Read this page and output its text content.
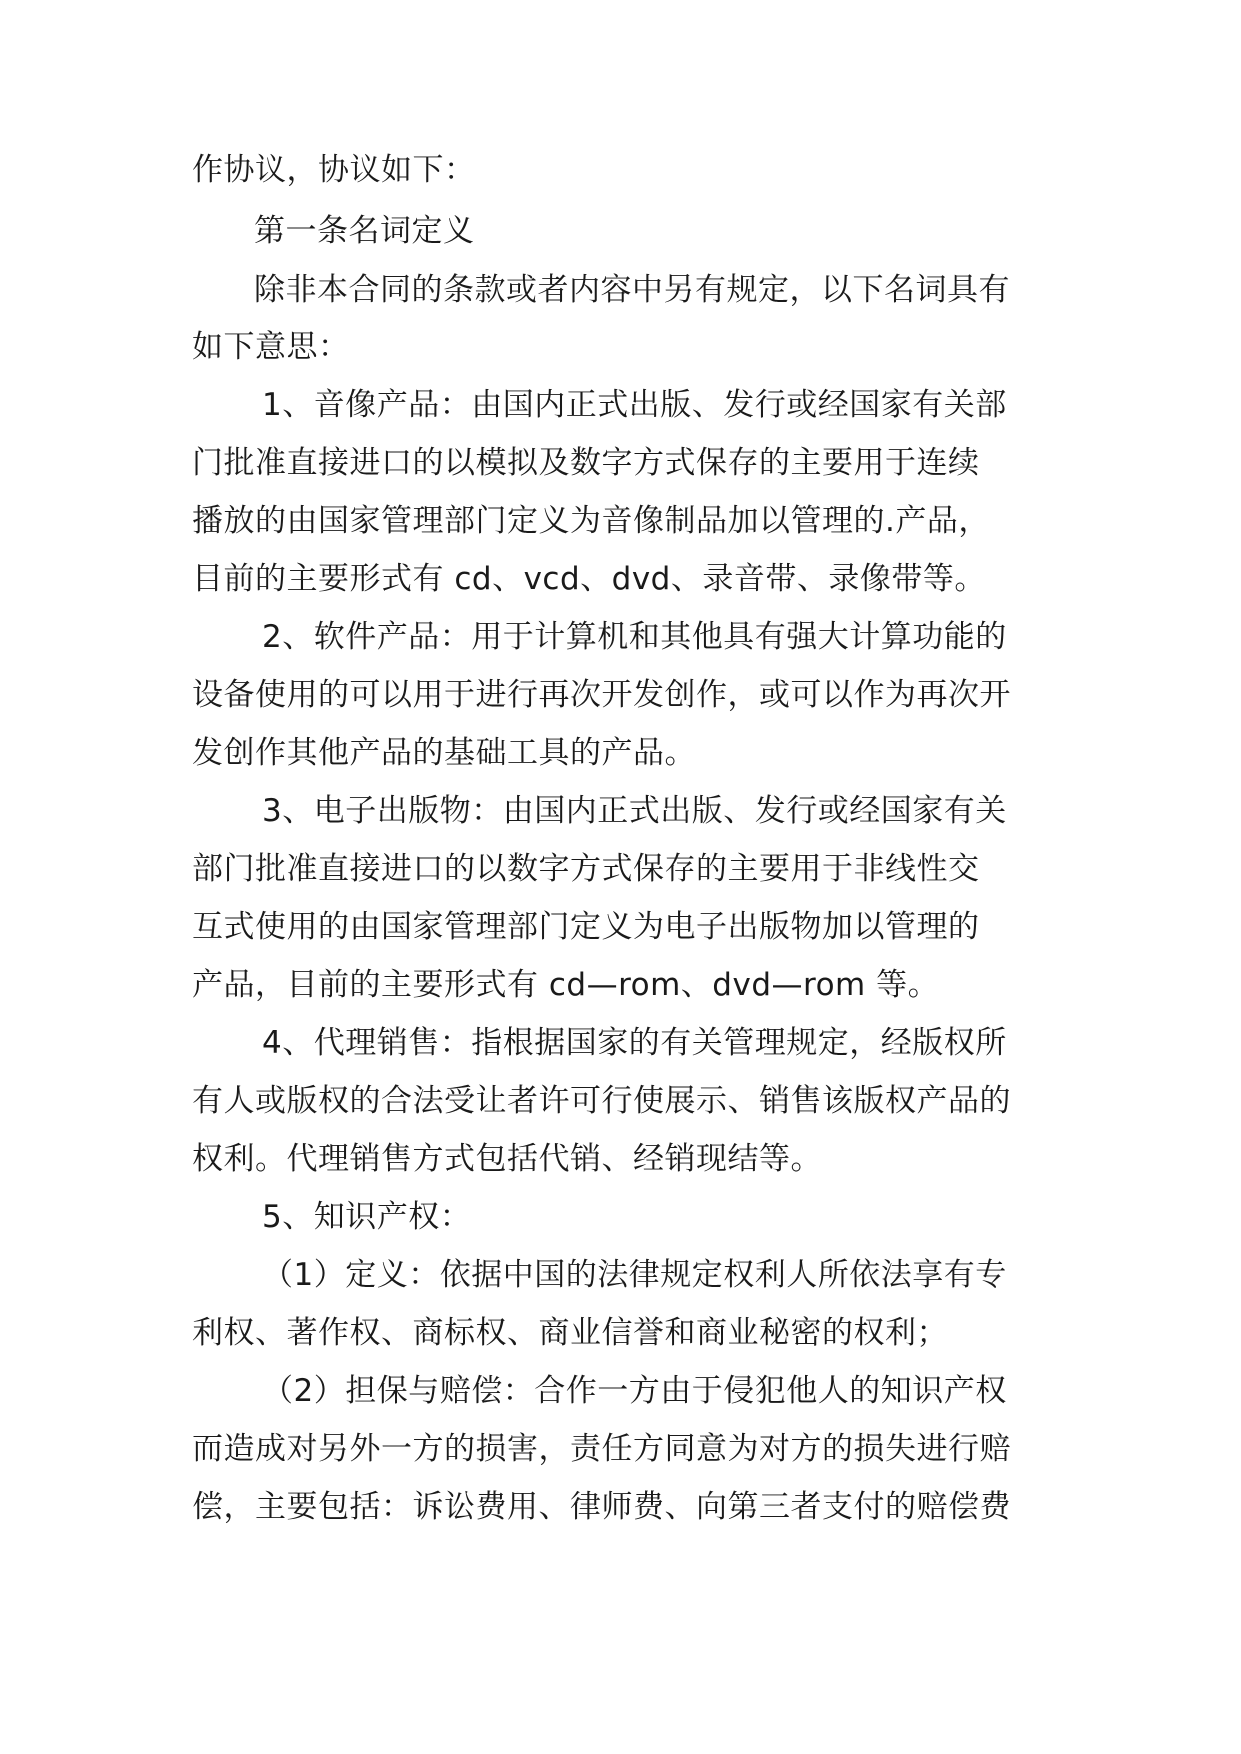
作协议，协议如下：

第一条名词定义

除非本合同的条款或者内容中另有规定，以下名词具有

如下意思：

1、音像产品：由国内正式出版、发行或经国家有关部

门批准直接进口的以模拟及数字方式保存的主要用于连续

播放的由国家管理部门定义为音像制品加以管理的.产品，

目前的主要形式有 cd、vcd、dvd、录音带、录像带等。

2、软件产品：用于计算机和其他具有强大计算功能的

设备使用的可以用于进行再次开发创作，或可以作为再次开

发创作其他产品的基础工具的产品。

3、电子出版物：由国内正式出版、发行或经国家有关

部门批准直接进口的以数字方式保存的主要用于非线性交

互式使用的由国家管理部门定义为电子出版物加以管理的

产品，目前的主要形式有 cd—rom、dvd—rom 等。

4、代理销售：指根据国家的有关管理规定，经版权所

有人或版权的合法受让者许可行使展示、销售该版权产品的

权利。代理销售方式包括代销、经销现结等。

5、知识产权：

（1）定义：依据中国的法律规定权利人所依法享有专

利权、著作权、商标权、商业信誉和商业秘密的权利；

（2）担保与赔偿：合作一方由于侵犯他人的知识产权

而造成对另外一方的损害，责任方同意为对方的损失进行赔

偿，主要包括：诉讼费用、律师费、向第三者支付的赔偿费
